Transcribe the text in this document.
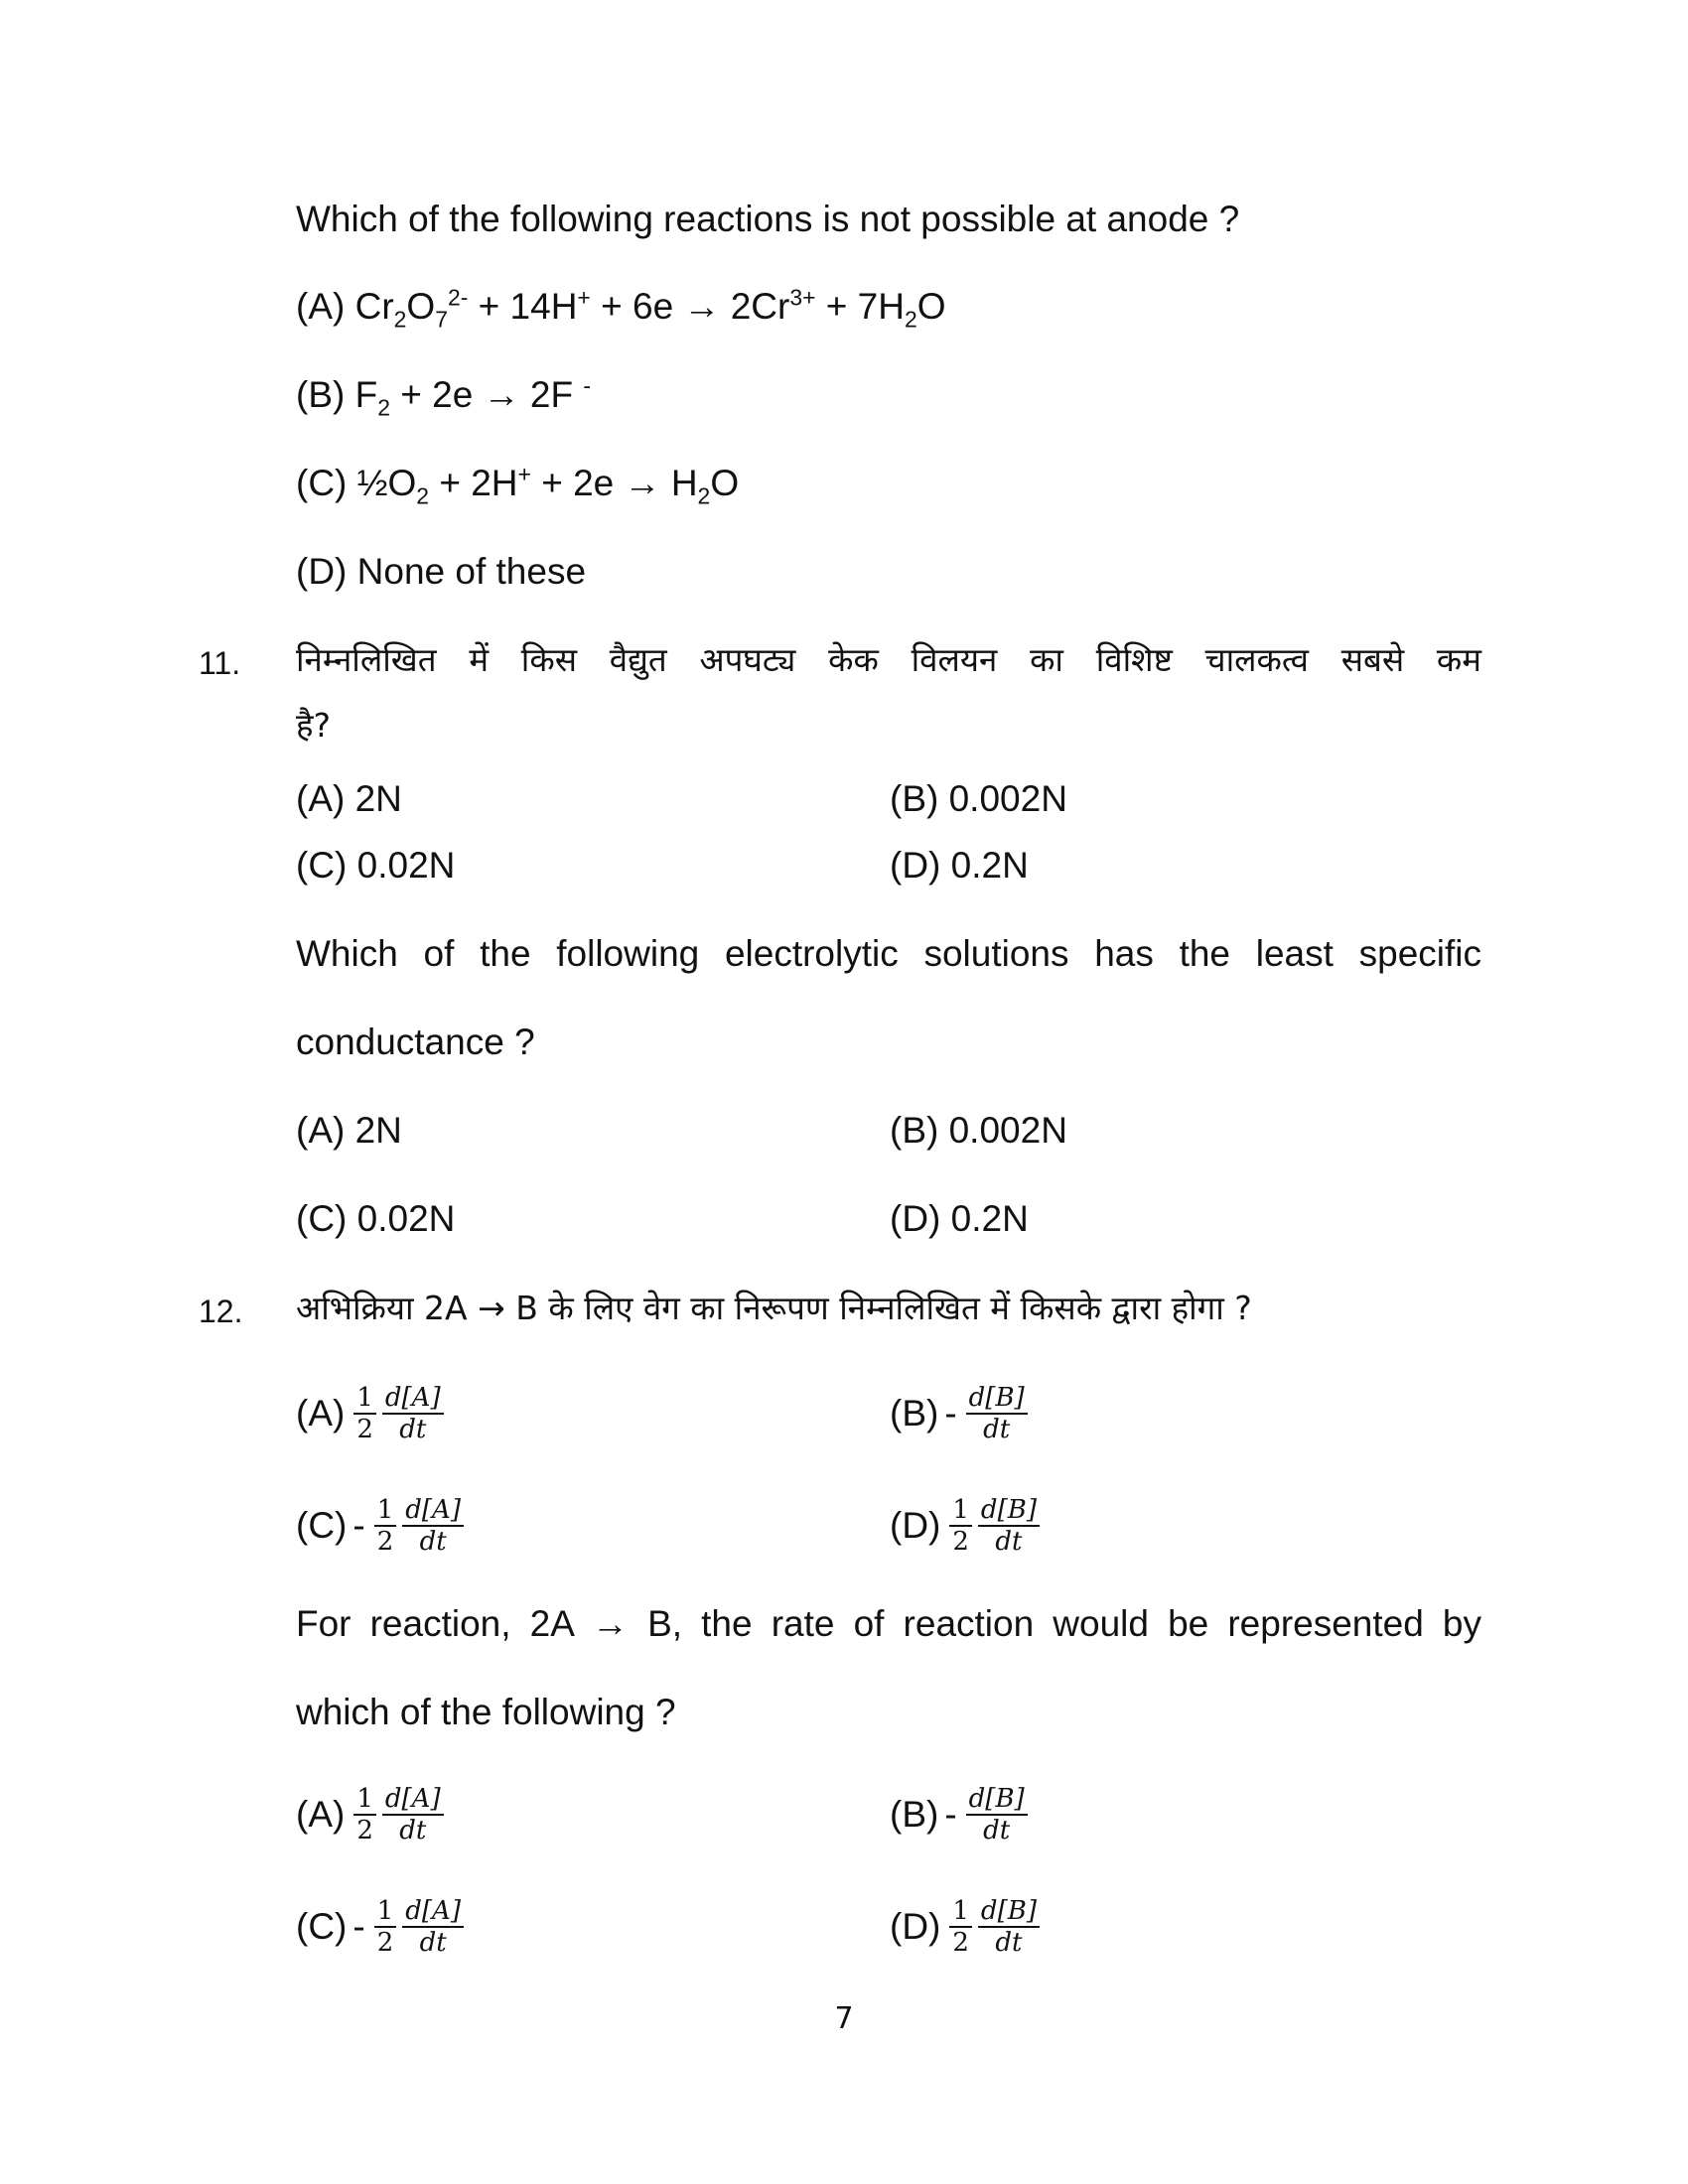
Which of the following reactions is not possible at anode ?
(A) $Cr_2O_7^{2-} + 14H^+ + 6e \to 2Cr^{3+} + 7H_2O$
(B) $F_2 + 2e \to 2F$ -
(C) $\frac{1}{2}O_2 + 2H^+ + 2e \to H_2O$
(D) None of these
11. निम्नलिखित में किस वैद्युत अपघट्य केक विलयन का विशिष्ट चालकत्व सबसे कम
है?
(A) 2N	(B) 0.002N
(C) 0.02N	(D) 0.2N
Which of the following electrolytic solutions has the least specific
conductance ?
(A) 2N	(B) 0.002N
(C) 0.02N	(D) 0.2N
12. अभिक्रिया 2A → B के लिए वेग का निरूपण निम्नलिखित में किसके द्वारा होगा ?
$(A) \frac{1}{2} \frac{d[A]}{dt}$	$(B) - \frac{d[B]}{dt}$
$(C) - \frac{1}{2} \frac{d[A]}{dt}$	$(D) \frac{1}{2} \frac{d[B]}{dt}$
For reaction, 2A → B, the rate of reaction would be represented by
which of the following ?
$(A) \frac{1}{2} \frac{d[A]}{dt}$	$(B) - \frac{d[B]}{dt}$
$(C) - \frac{1}{2} \frac{d[A]}{dt}$	$(D) \frac{1}{2} \frac{d[B]}{dt}$
7
